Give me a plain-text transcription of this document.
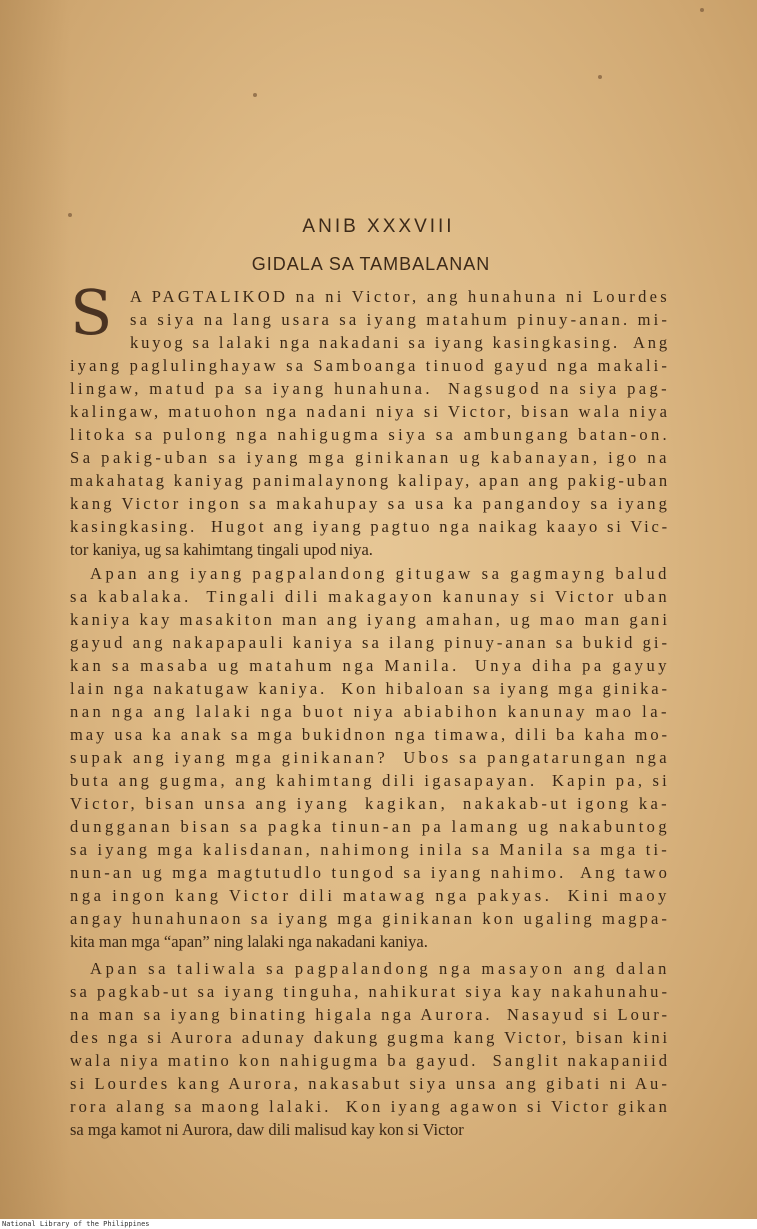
ANIB XXXVIII
GIDALA SA TAMBALANAN
S A PAGTALIKOD na ni Victor, ang hunahuna ni Lourdes
sa siya na lang usara sa iyang matahum pinuy-anan. mi-
kuyog sa lalaki nga nakadani sa iyang kasingkasing.  Ang
iyang paglulinghayaw sa Samboanga tinuod gayud nga makali-
lingaw, matud pa sa iyang hunahuna.  Nagsugod na siya pag-
kalingaw, matuohon nga nadani niya si Victor, bisan wala niya
litoka sa pulong nga nahigugma siya sa ambungang batan-on.
Sa pakig-uban sa iyang mga ginikanan ug kabanayan, igo na
makahatag kaniyag panimalaynong kalipay, apan ang pakig-uban
kang Victor ingon sa makahupay sa usa ka pangandoy sa iyang
kasingkasing.  Hugot ang iyang pagtuo nga naikag kaayo si Vic-
tor kaniya, ug sa kahimtang tingali upod niya.
Apan ang iyang pagpalandong gitugaw sa gagmayng balud
sa kabalaka.  Tingali dili makagayon kanunay si Victor uban
kaniya kay masakiton man ang iyang amahan, ug mao man gani
gayud ang nakapapauli kaniya sa ilang pinuy-anan sa bukid gi-
kan sa masaba ug matahum nga Manila.  Unya diha pa gayuy
lain nga nakatugaw kaniya.  Kon hibaloan sa iyang mga ginika-
nan nga ang lalaki nga buot niya abiabihon kanunay mao la-
may usa ka anak sa mga bukidnon nga timawa, dili ba kaha mo-
supak ang iyang mga ginikanan?  Ubos sa pangatarungan nga
buta ang gugma, ang kahimtang dili igasapayan.  Kapin pa, si
Victor, bisan unsa ang iyang  kagikan,  nakakab-ut igong ka-
dungganan bisan sa pagka tinun-an pa lamang ug nakabuntog
sa iyang mga kalisdanan, nahimong inila sa Manila sa mga ti-
nun-an ug mga magtutudlo tungod sa iyang nahimo.  Ang tawo
nga ingon kang Victor dili matawag nga pakyas.  Kini maoy
angay hunahunaon sa iyang mga ginikanan kon ugaling magpa-
kita man mga “apan” ning lalaki nga nakadani kaniya.
Apan sa taliwala sa pagpalandong nga masayon ang dalan
sa pagkab-ut sa iyang tinguha, nahikurat siya kay nakahunahu-
na man sa iyang binating higala nga Aurora.  Nasayud si Lour-
des nga si Aurora adunay dakung gugma kang Victor, bisan kini
wala niya matino kon nahigugma ba gayud.  Sanglit nakapaniid
si Lourdes kang Aurora, nakasabut siya unsa ang gibati ni Au-
rora alang sa maong lalaki.  Kon iyang agawon si Victor gikan
sa mga kamot ni Aurora, daw dili malisud kay kon si Victor
National Library of the Philippines
